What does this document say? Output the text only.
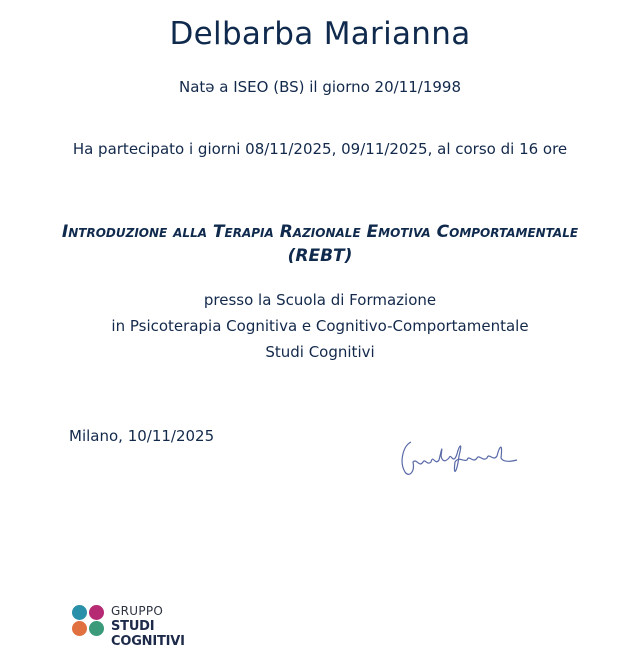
Delbarba Marianna
Natə a ISEO (BS) il giorno 20/11/1998
Ha partecipato i giorni 08/11/2025, 09/11/2025, al corso di 16 ore
Introduzione alla Terapia Razionale Emotiva Comportamentale (REBT)
presso la Scuola di Formazione
in Psicoterapia Cognitiva e Cognitivo-Comportamentale
Studi Cognitivi
Milano, 10/11/2025
GRUPPO
STUDI COGNITIVI
